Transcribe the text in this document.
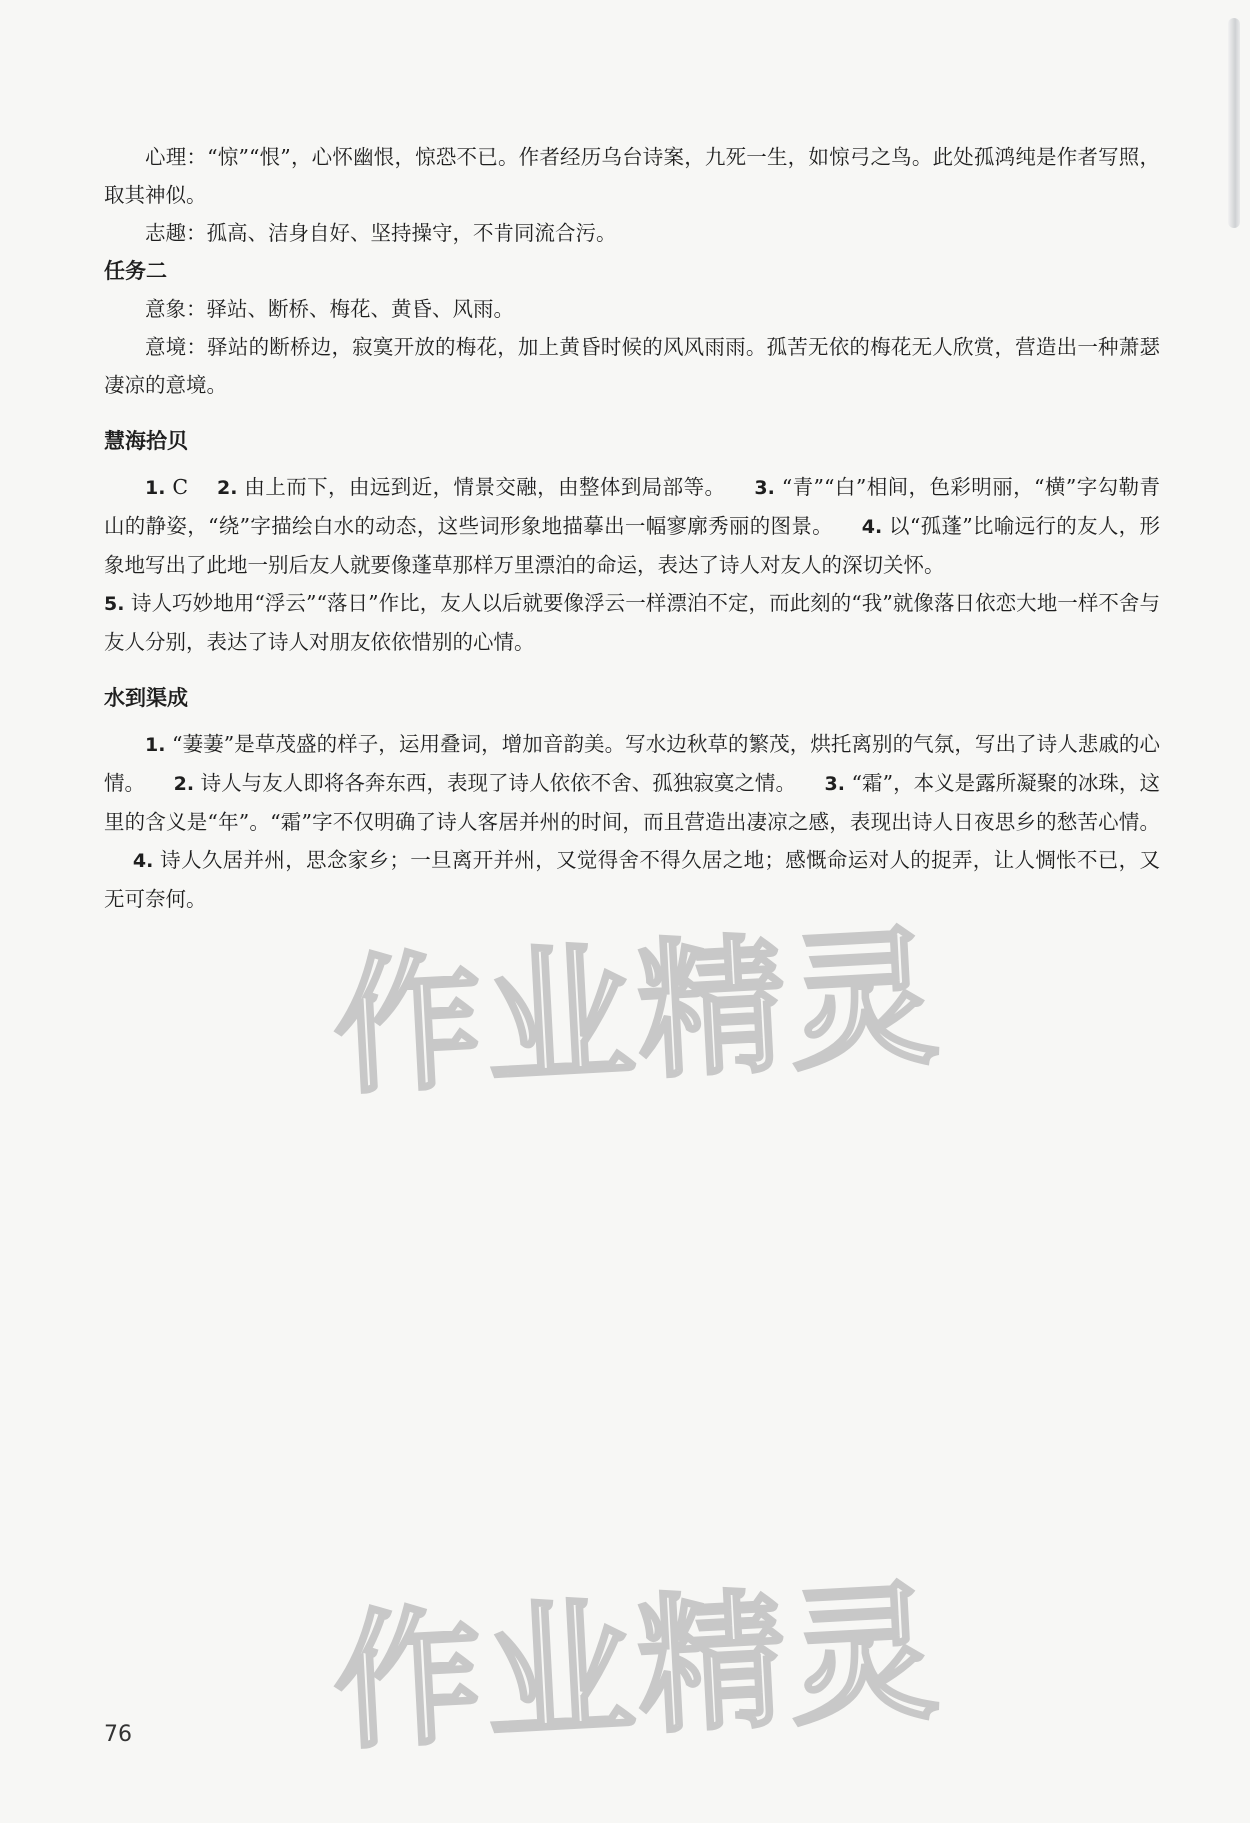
心理：“惊”“恨”，心怀幽恨，惊恐不已。作者经历乌台诗案，九死一生，如惊弓之鸟。此处孤鸿纯是作者写照，取其神似。

志趣：孤高、洁身自好、坚持操守，不肯同流合污。

任务二

意象：驿站、断桥、梅花、黄昏、风雨。

意境：驿站的断桥边，寂寞开放的梅花，加上黄昏时候的风风雨雨。孤苦无依的梅花无人欣赏，营造出一种萧瑟凄凉的意境。

慧海拾贝

1. C 2. 由上而下，由远到近，情景交融，由整体到局部等。 3. “青”“白”相间，色彩明丽，“横”字勾勒青山的静姿，“绕”字描绘白水的动态，这些词形象地描摹出一幅寥廓秀丽的图景。 4. 以“孤蓬”比喻远行的友人，形象地写出了此地一别后友人就要像蓬草那样万里漂泊的命运，表达了诗人对友人的深切关怀。

5. 诗人巧妙地用“浮云”“落日”作比，友人以后就要像浮云一样漂泊不定，而此刻的“我”就像落日依恋大地一样不舍与友人分别，表达了诗人对朋友依依惜别的心情。

水到渠成

1. “萋萋”是草茂盛的样子，运用叠词，增加音韵美。写水边秋草的繁茂，烘托离别的气氛，写出了诗人悲戚的心情。 2. 诗人与友人即将各奔东西，表现了诗人依依不舍、孤独寂寞之情。 3. “霜”，本义是露所凝聚的冰珠，这里的含义是“年”。“霜”字不仅明确了诗人客居并州的时间，而且营造出凄凉之感，表现出诗人日夜思乡的愁苦心情。 4. 诗人久居并州，思念家乡；一旦离开并州，又觉得舍不得久居之地；感慨命运对人的捉弄，让人惆怅不已，又无可奈何。

作业精灵
作业精灵
76
